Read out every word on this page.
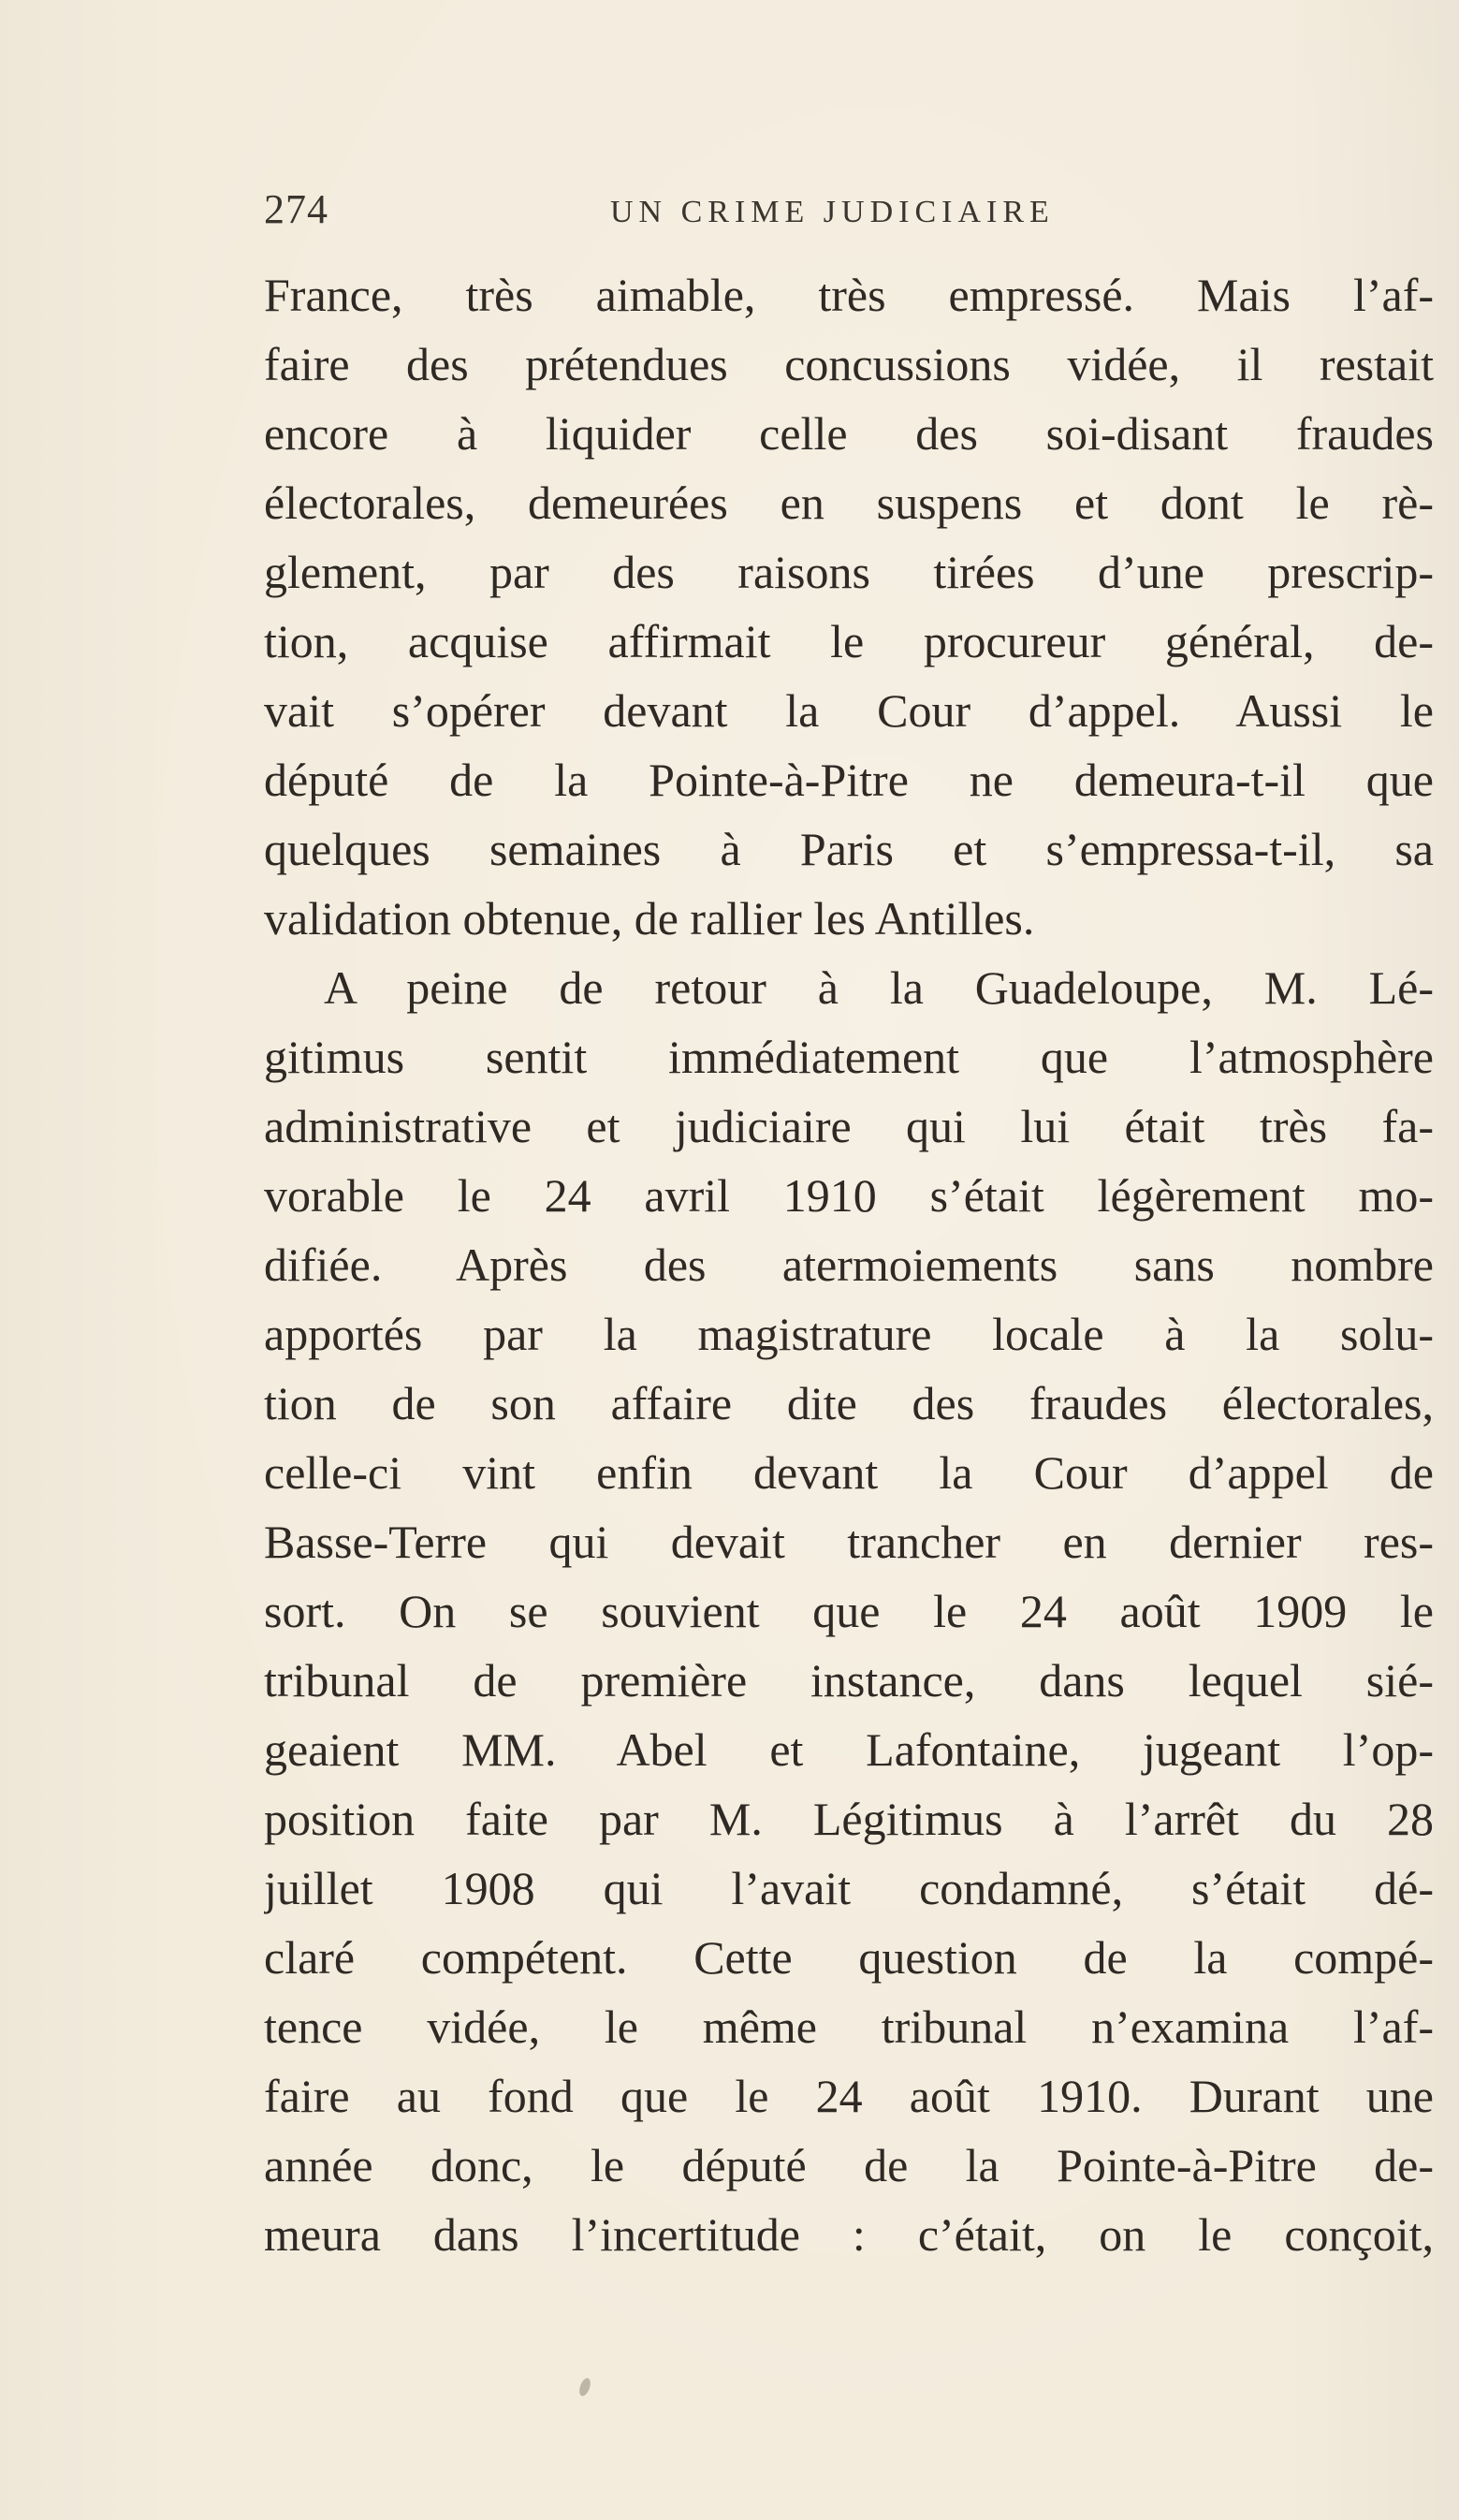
274	UN CRIME JUDICIAIRE
France, très aimable, très empressé. Mais l’af-
faire des prétendues concussions vidée, il restait
encore à liquider celle des soi-disant fraudes
électorales, demeurées en suspens et dont le rè-
glement, par des raisons tirées d’une prescrip-
tion, acquise affirmait le procureur général, de-
vait s’opérer devant la Cour d’appel. Aussi le
député de la Pointe-à-Pitre ne demeura-t-il que
quelques semaines à Paris et s’empressa-t-il, sa
validation obtenue, de rallier les Antilles.
A peine de retour à la Guadeloupe, M. Lé-
gitimus sentit immédiatement que l’atmosphère
administrative et judiciaire qui lui était très fa-
vorable le 24 avril 1910 s’était légèrement mo-
difiée. Après des atermoiements sans nombre
apportés par la magistrature locale à la solu-
tion de son affaire dite des fraudes électorales,
celle-ci vint enfin devant la Cour d’appel de
Basse-Terre qui devait trancher en dernier res-
sort. On se souvient que le 24 août 1909 le
tribunal de première instance, dans lequel sié-
geaient MM. Abel et Lafontaine, jugeant l’op-
position faite par M. Légitimus à l’arrêt du 28
juillet 1908 qui l’avait condamné, s’était dé-
claré compétent. Cette question de la compé-
tence vidée, le même tribunal n’examina l’af-
faire au fond que le 24 août 1910. Durant une
année donc, le député de la Pointe-à-Pitre de-
meura dans l’incertitude : c’était, on le conçoit,
